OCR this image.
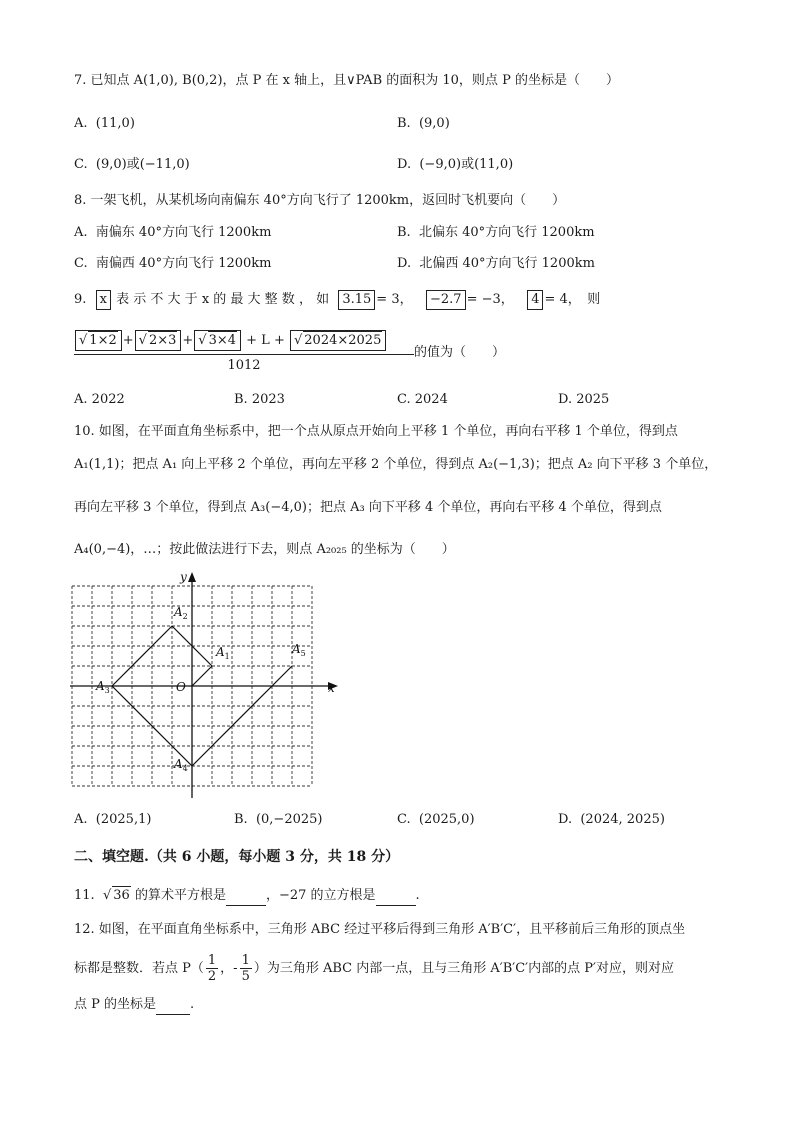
7. 已知点 A(1,0), B(0,2)，点 P 在 x 轴上，且∨PAB 的面积为 10，则点 P 的坐标是（　　）
A. (11,0)	B. (9,0)
C. (9,0)或(−11,0)	D. (−9,0)或(11,0)
8. 一架飞机，从某机场向南偏东 40°方向飞行了 1200km，返回时飞机要向（　　）
A. 南偏东 40°方向飞行 1200km	B. 北偏东 40°方向飞行 1200km
C. 南偏西 40°方向飞行 1200km	D. 北偏西 40°方向飞行 1200km
9. x 表 示 不 大 于 x 的 最 大 整 数 ， 如 3.15 = 3， −2.7 = −3， 4 = 4，　则
$\frac{√ 1\times 2 + √ 2\times 3 + √ 3\times 4 + L + √ 2024\times 2025}{1012}$ 的值为（　　）
A. 2022	B. 2023	C. 2024	D. 2025
10. 如图，在平面直角坐标系中，把一个点从原点开始向上平移 1 个单位，再向右平移 1 个单位，得到点
A₁(1,1)；把点 A₁ 向上平移 2 个单位，再向左平移 2 个单位，得到点 A₂(−1,3)；把点 A₂ 向下平移 3 个单位，
再向左平移 3 个单位，得到点 A₃(−4,0)；把点 A₃ 向下平移 4 个单位，再向右平移 4 个单位，得到点
A₄(0,−4)，…；按此做法进行下去，则点 A₂₀₂₅ 的坐标为（　　）
y
x
O
$A_1$
$A_2$
$A_3$
$A_4$
$A_5$
A. (2025,1)	B. (0,−2025)	C. (2025,0)	D. (2024, 2025)
二、填空题.（共 6 小题，每小题 3 分，共 18 分）
11.  √ 36 的算术平方根是	，−27 的立方根是	.
12. 如图，在平面直角坐标系中，三角形 ABC 经过平移后得到三角形 A′B′C′，且平移前后三角形的顶点坐
标都是整数．若点 $P( \frac{1}{2}$ ，- $\frac{1}{5}$ ）为三角形 ABC 内部一点，且与三角形 A′B′C′内部的点 P′对应，则对应
点 P 的坐标是	.
